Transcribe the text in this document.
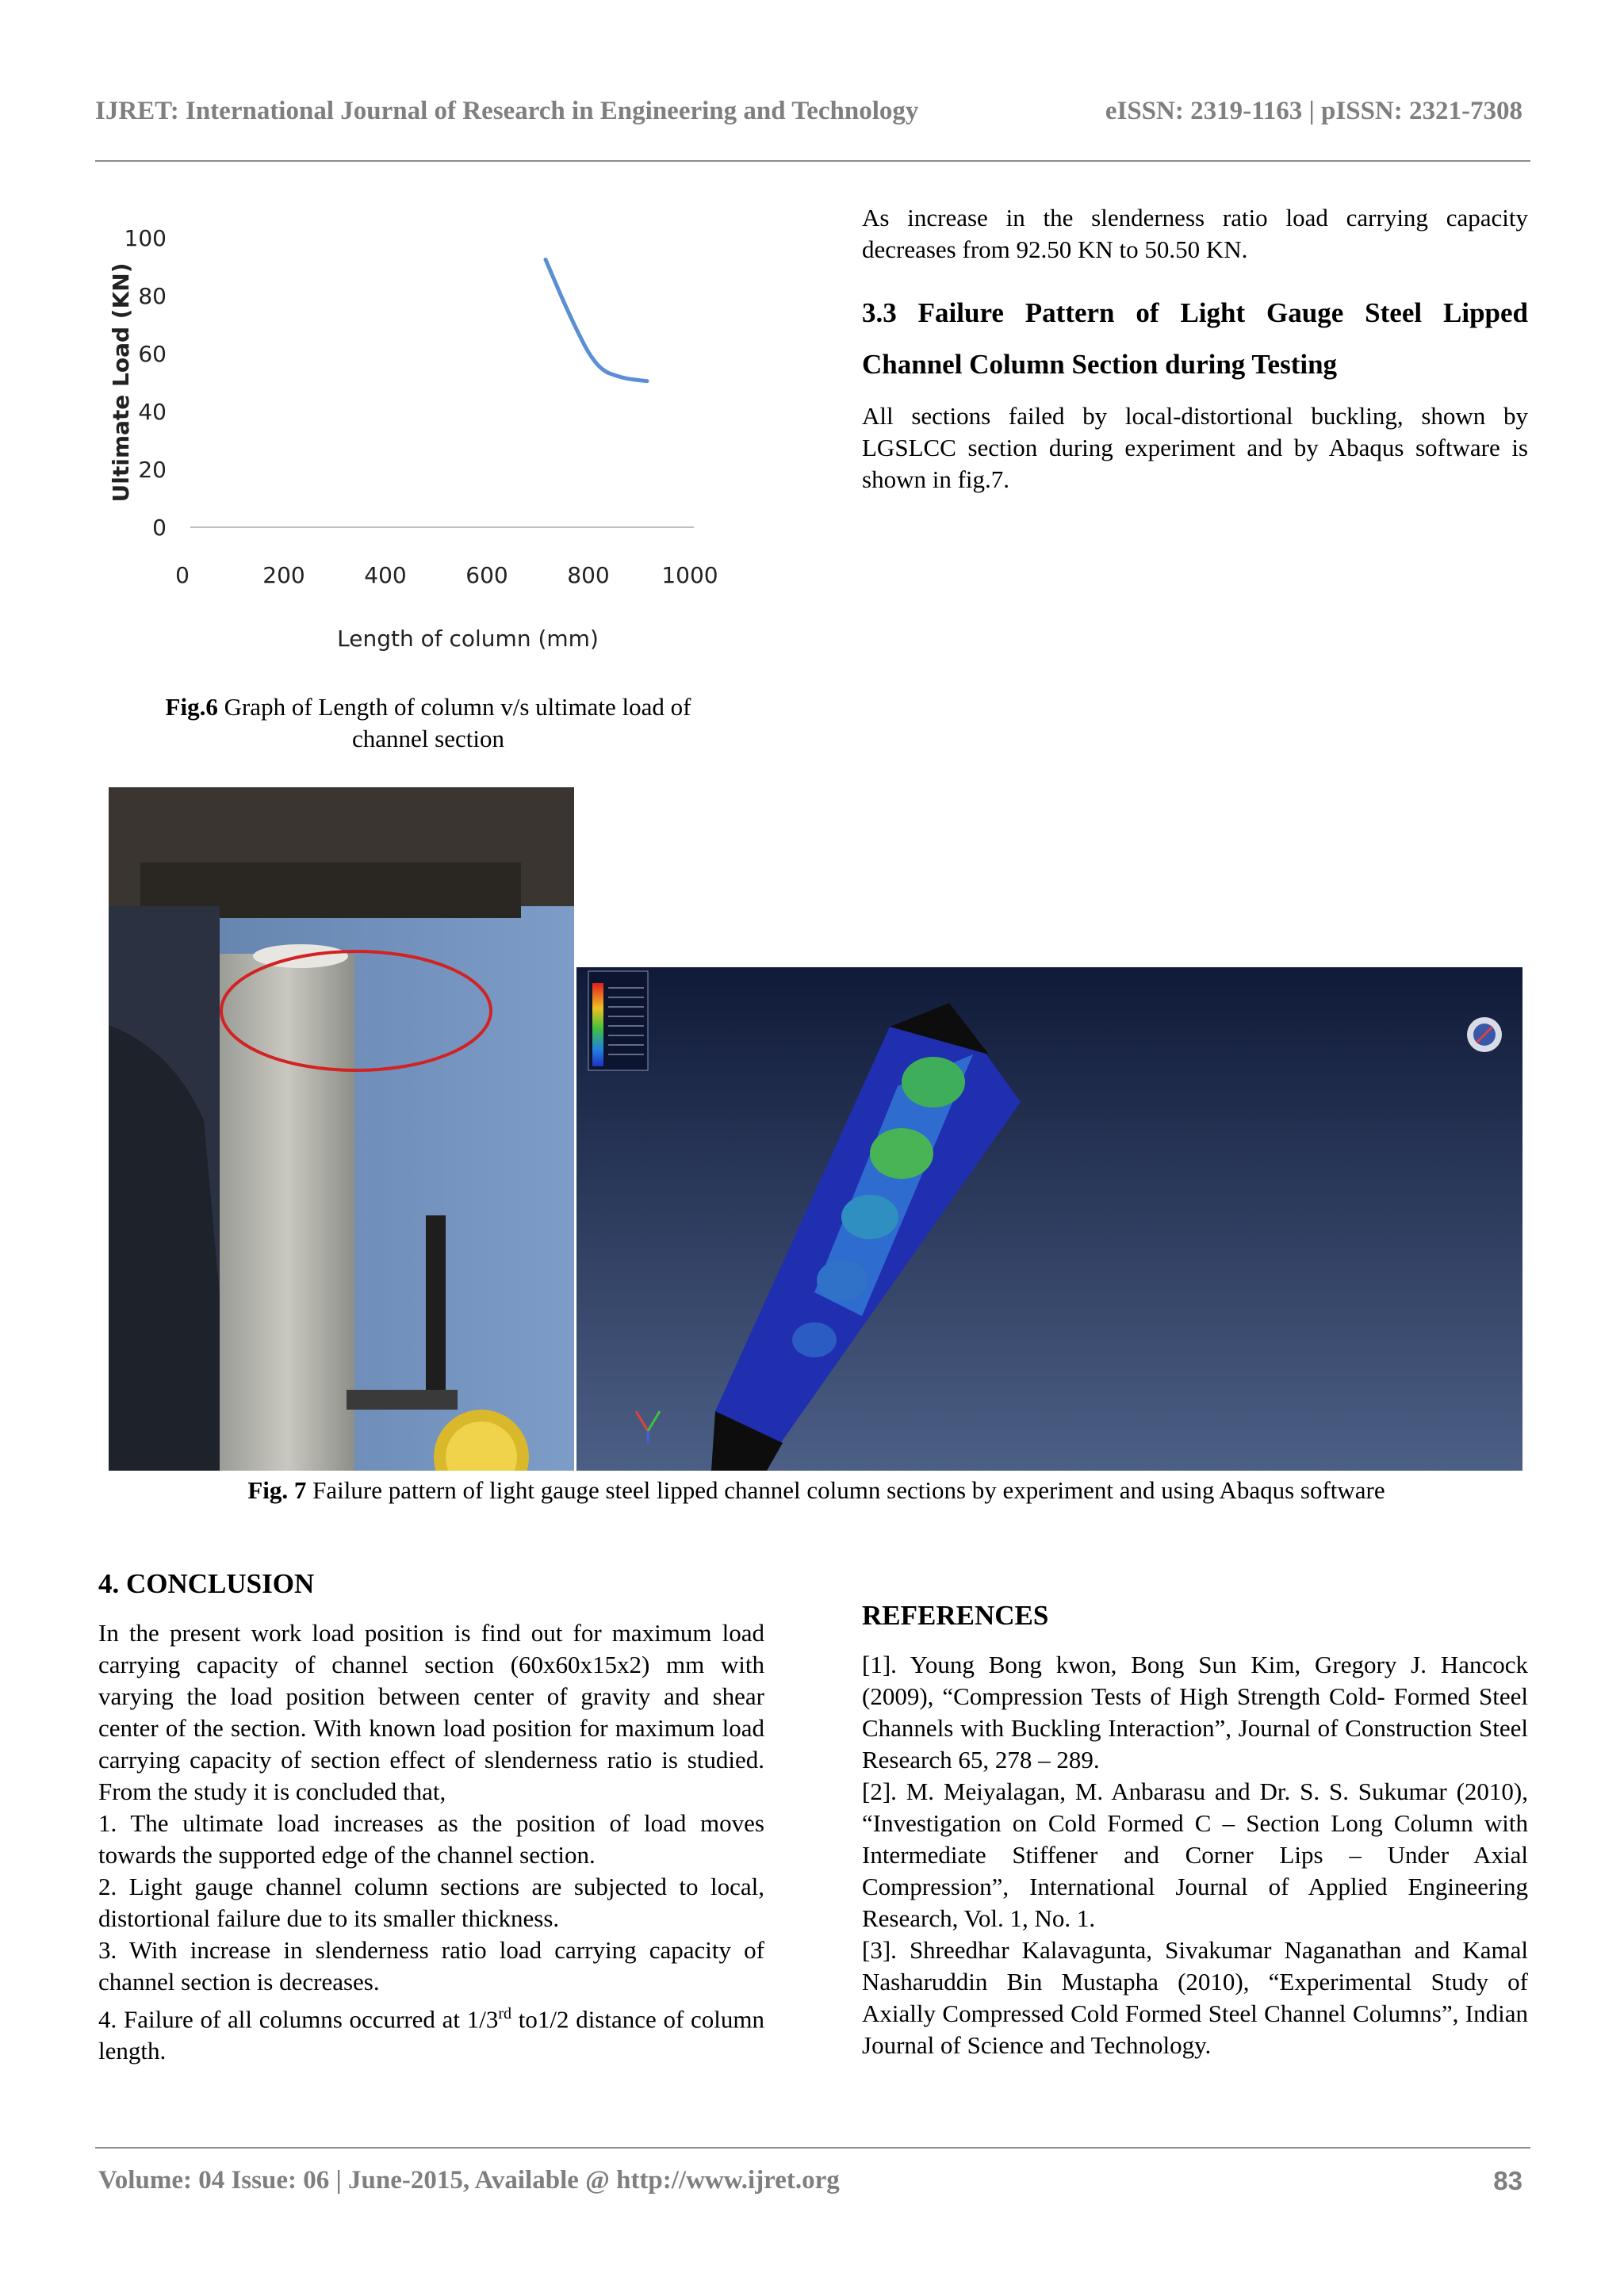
IJRET: International Journal of Research in Engineering and Technology	eISSN: 2319-1163 | pISSN: 2321-7308
0
20
40
60
80
100
0	200	400	600	800 1000
Length of column (mm)
Ultimate Load (KN)
Fig.6 Graph of Length of column v/s ultimate load of
channel section
As increase in the slenderness ratio load carrying capacity decreases from 92.50 KN to 50.50 KN.
3.3 Failure Pattern of Light Gauge Steel Lipped
Channel Column Section during Testing
All sections failed by local-distortional buckling, shown by LGSLCC section during experiment and by Abaqus software is shown in fig.7.
Fig. 7 Failure pattern of light gauge steel lipped channel column sections by experiment and using Abaqus software
4. CONCLUSION

In the present work load position is find out for maximum load carrying capacity of channel section (60x60x15x2) mm with varying the load position between center of gravity and shear center of the section. With known load position for maximum load carrying capacity of section effect of slenderness ratio is studied. From the study it is concluded that,

1. The ultimate load increases as the position of load moves towards the supported edge of the channel section.
2. Light gauge channel column sections are subjected to local, distortional failure due to its smaller thickness.
3. With increase in slenderness ratio load carrying capacity of channel section is decreases.
4. Failure of all columns occurred at 1/3rd to1/2 distance of column length.
REFERENCES
[1]. Young Bong kwon, Bong Sun Kim, Gregory J. Hancock (2009), “Compression Tests of High Strength Cold- Formed Steel Channels with Buckling Interaction”, Journal of Construction Steel Research 65, 278 – 289.
[2]. M. Meiyalagan, M. Anbarasu and Dr. S. S. Sukumar (2010), “Investigation on Cold Formed C – Section Long Column with Intermediate Stiffener and Corner Lips – Under Axial Compression”, International Journal of Applied Engineering Research, Vol. 1, No. 1.
[3]. Shreedhar Kalavagunta, Sivakumar Naganathan and Kamal Nasharuddin Bin Mustapha (2010), “Experimental Study of Axially Compressed Cold Formed Steel Channel Columns”, Indian Journal of Science and Technology.
Volume: 04 Issue: 06 | June-2015, Available @ http://www.ijret.org	83
